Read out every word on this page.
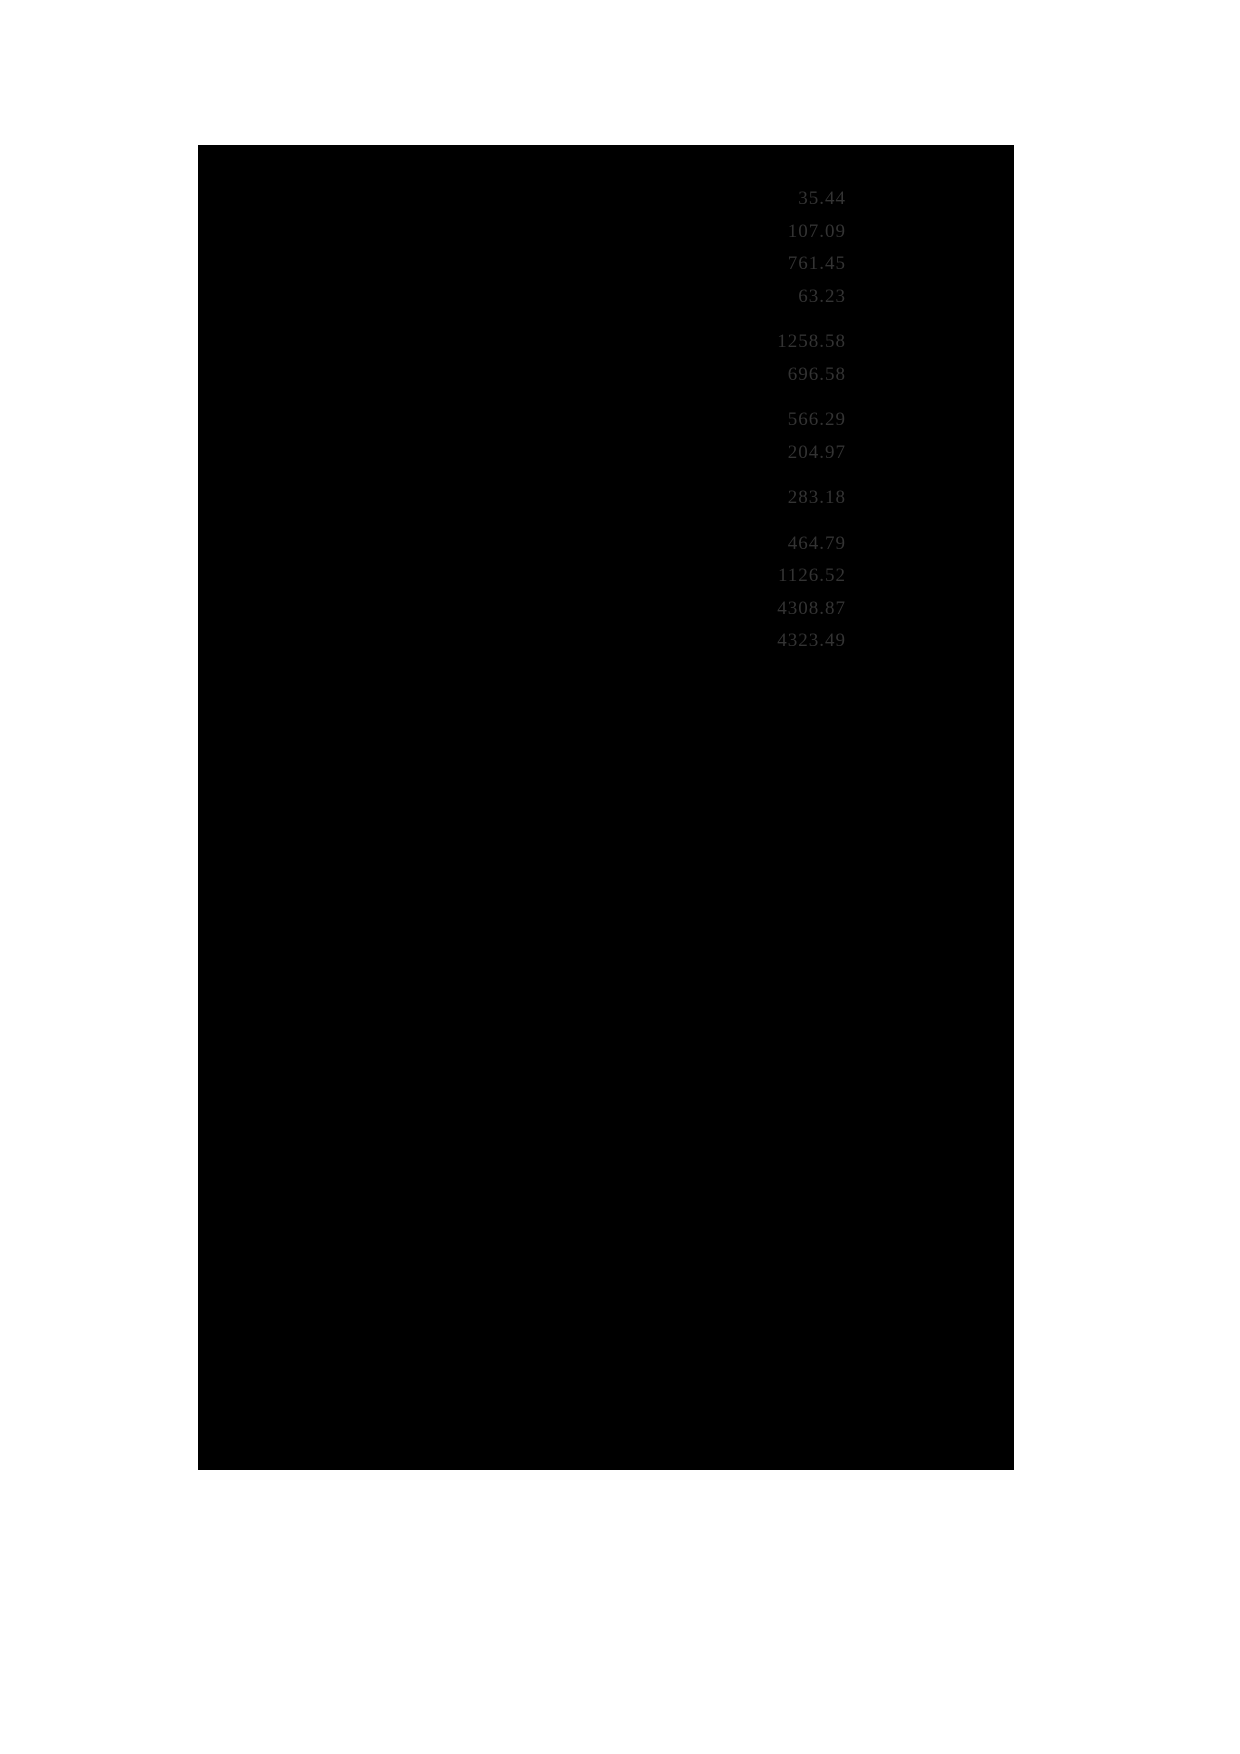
35.44
107.09
761.45
63.23
1258.58
696.58
566.29
204.97
283.18
464.79
1126.52
4308.87
4323.49
